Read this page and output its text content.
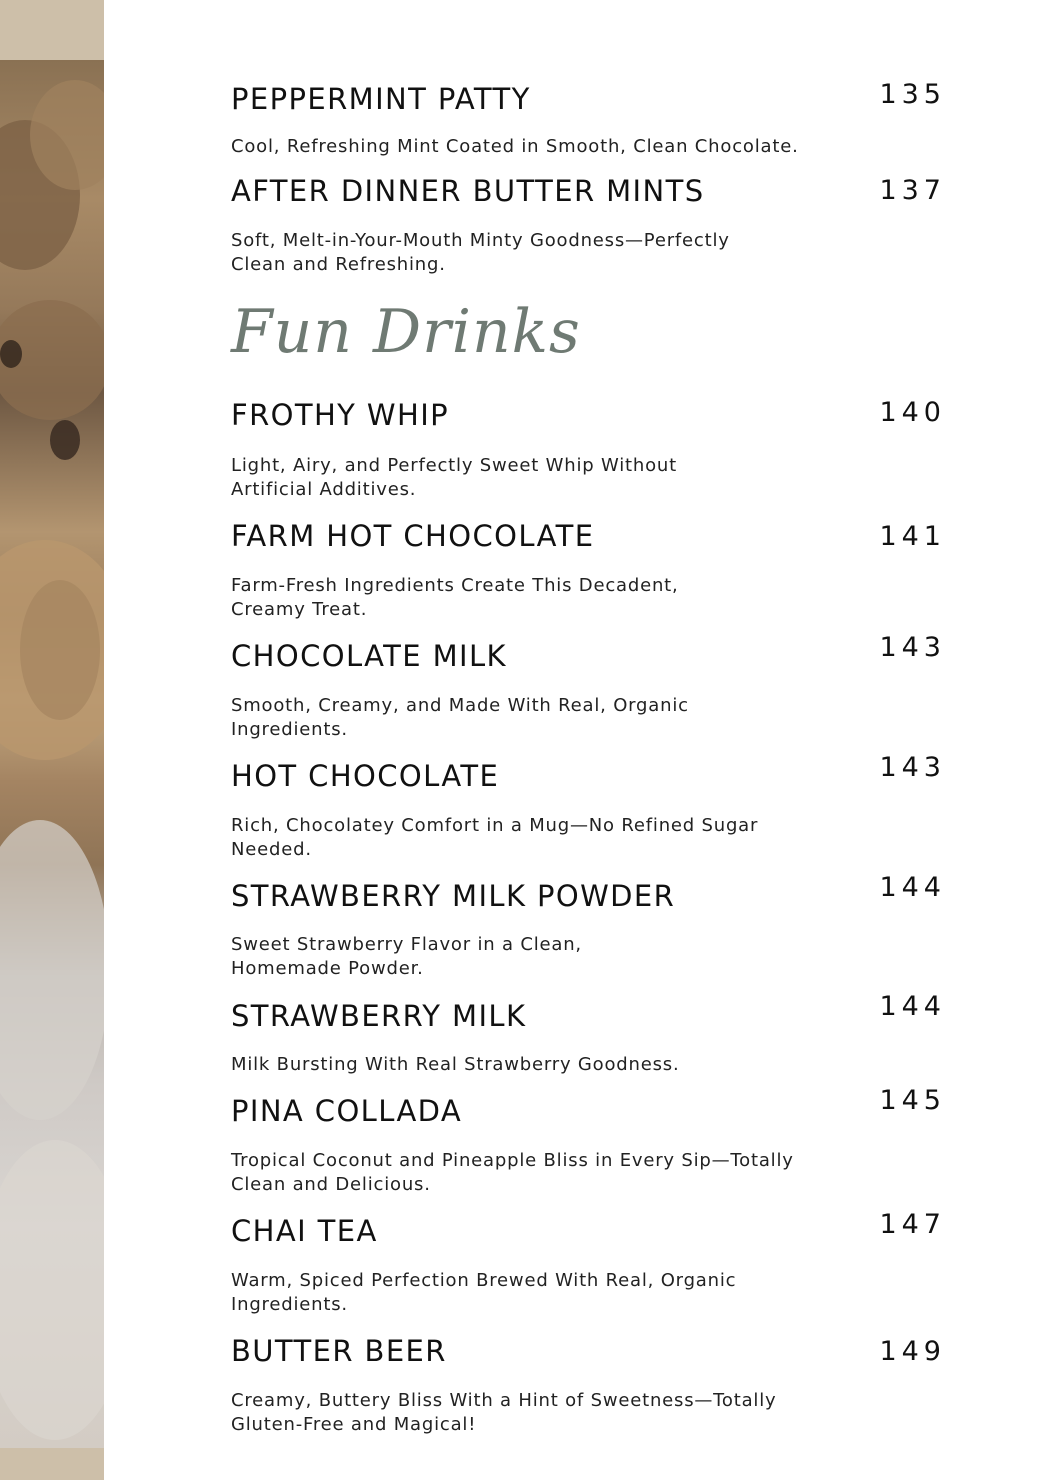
PEPPERMINT PATTY	135

Cool, Refreshing Mint Coated in Smooth, Clean Chocolate.

AFTER DINNER BUTTER MINTS	137

Soft, Melt-in-Your-Mouth Minty Goodness—Perfectly Clean and Refreshing.

Fun Drinks
FROTHY WHIP	140

Light, Airy, and Perfectly Sweet Whip Without Artificial Additives.

FARM HOT CHOCOLATE	141

Farm-Fresh Ingredients Create This Decadent, Creamy Treat.

CHOCOLATE MILK	143

Smooth, Creamy, and Made With Real, Organic Ingredients.

HOT CHOCOLATE	143

Rich, Chocolatey Comfort in a Mug—No Refined Sugar Needed.

STRAWBERRY MILK POWDER	144

Sweet Strawberry Flavor in a Clean, Homemade Powder.

STRAWBERRY MILK	144

Milk Bursting With Real Strawberry Goodness.

PINA COLLADA	145

Tropical Coconut and Pineapple Bliss in Every Sip—Totally Clean and Delicious.

CHAI TEA	147

Warm, Spiced Perfection Brewed With Real, Organic Ingredients.

BUTTER BEER	149

Creamy, Buttery Bliss With a Hint of Sweetness—Totally Gluten-Free and Magical!
